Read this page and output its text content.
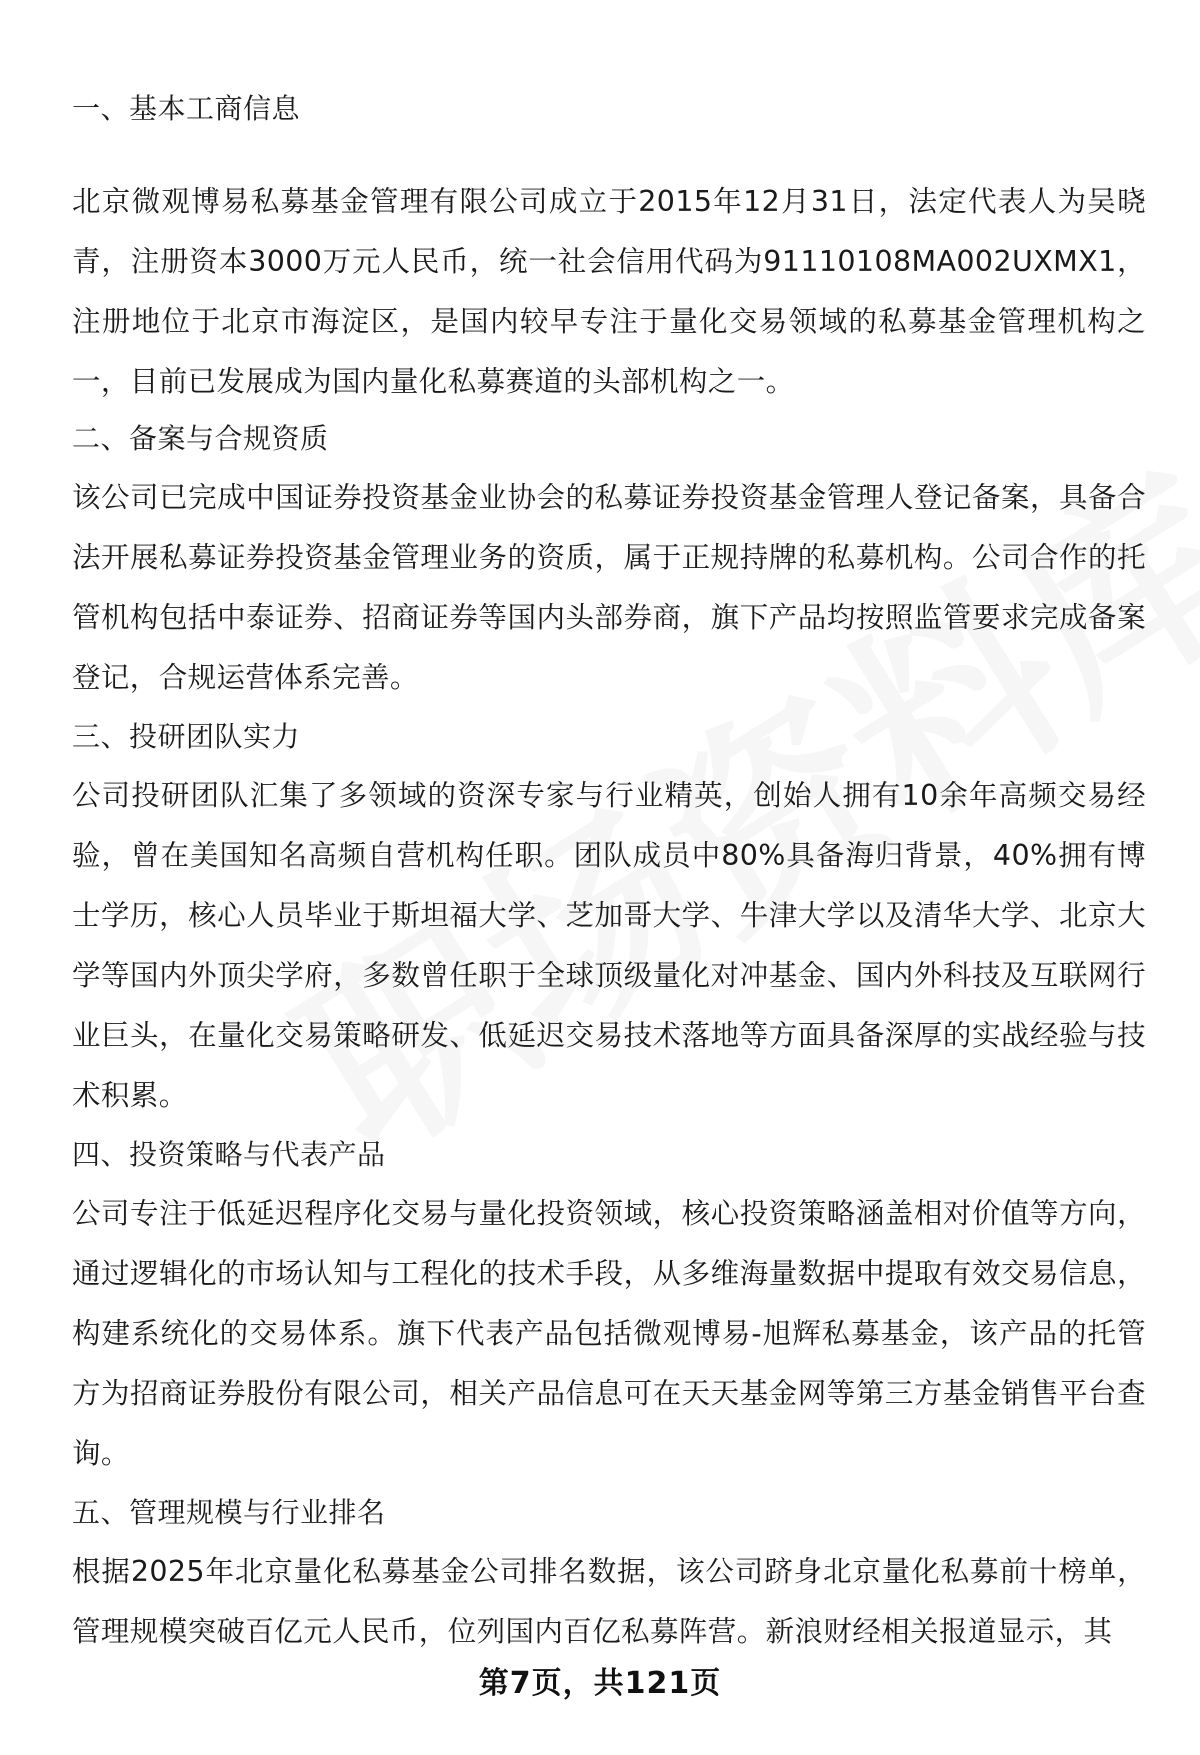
一、基本工商信息

北京微观博易私募基金管理有限公司成立于2015年12月31日，法定代表人为吴晓青，注册资本3000万元人民币，统一社会信用代码为91110108MA002UXMX1，注册地位于北京市海淀区，是国内较早专注于量化交易领域的私募基金管理机构之一，目前已发展成为国内量化私募赛道的头部机构之一。

二、备案与合规资质

该公司已完成中国证券投资基金业协会的私募证券投资基金管理人登记备案，具备合法开展私募证券投资基金管理业务的资质，属于正规持牌的私募机构。公司合作的托管机构包括中泰证券、招商证券等国内头部券商，旗下产品均按照监管要求完成备案登记，合规运营体系完善。

三、投研团队实力

公司投研团队汇集了多领域的资深专家与行业精英，创始人拥有10余年高频交易经验，曾在美国知名高频自营机构任职。团队成员中80%具备海归背景，40%拥有博士学历，核心人员毕业于斯坦福大学、芝加哥大学、牛津大学以及清华大学、北京大学等国内外顶尖学府，多数曾任职于全球顶级量化对冲基金、国内外科技及互联网行业巨头，在量化交易策略研发、低延迟交易技术落地等方面具备深厚的实战经验与技术积累。

四、投资策略与代表产品

公司专注于低延迟程序化交易与量化投资领域，核心投资策略涵盖相对价值等方向，通过逻辑化的市场认知与工程化的技术手段，从多维海量数据中提取有效交易信息，构建系统化的交易体系。旗下代表产品包括微观博易-旭辉私募基金，该产品的托管方为招商证券股份有限公司，相关产品信息可在天天基金网等第三方基金销售平台查询。

五、管理规模与行业排名

根据2025年北京量化私募基金公司排名数据，该公司跻身北京量化私募前十榜单，管理规模突破百亿元人民币，位列国内百亿私募阵营。新浪财经相关报道显示，其

第7页，共121页
